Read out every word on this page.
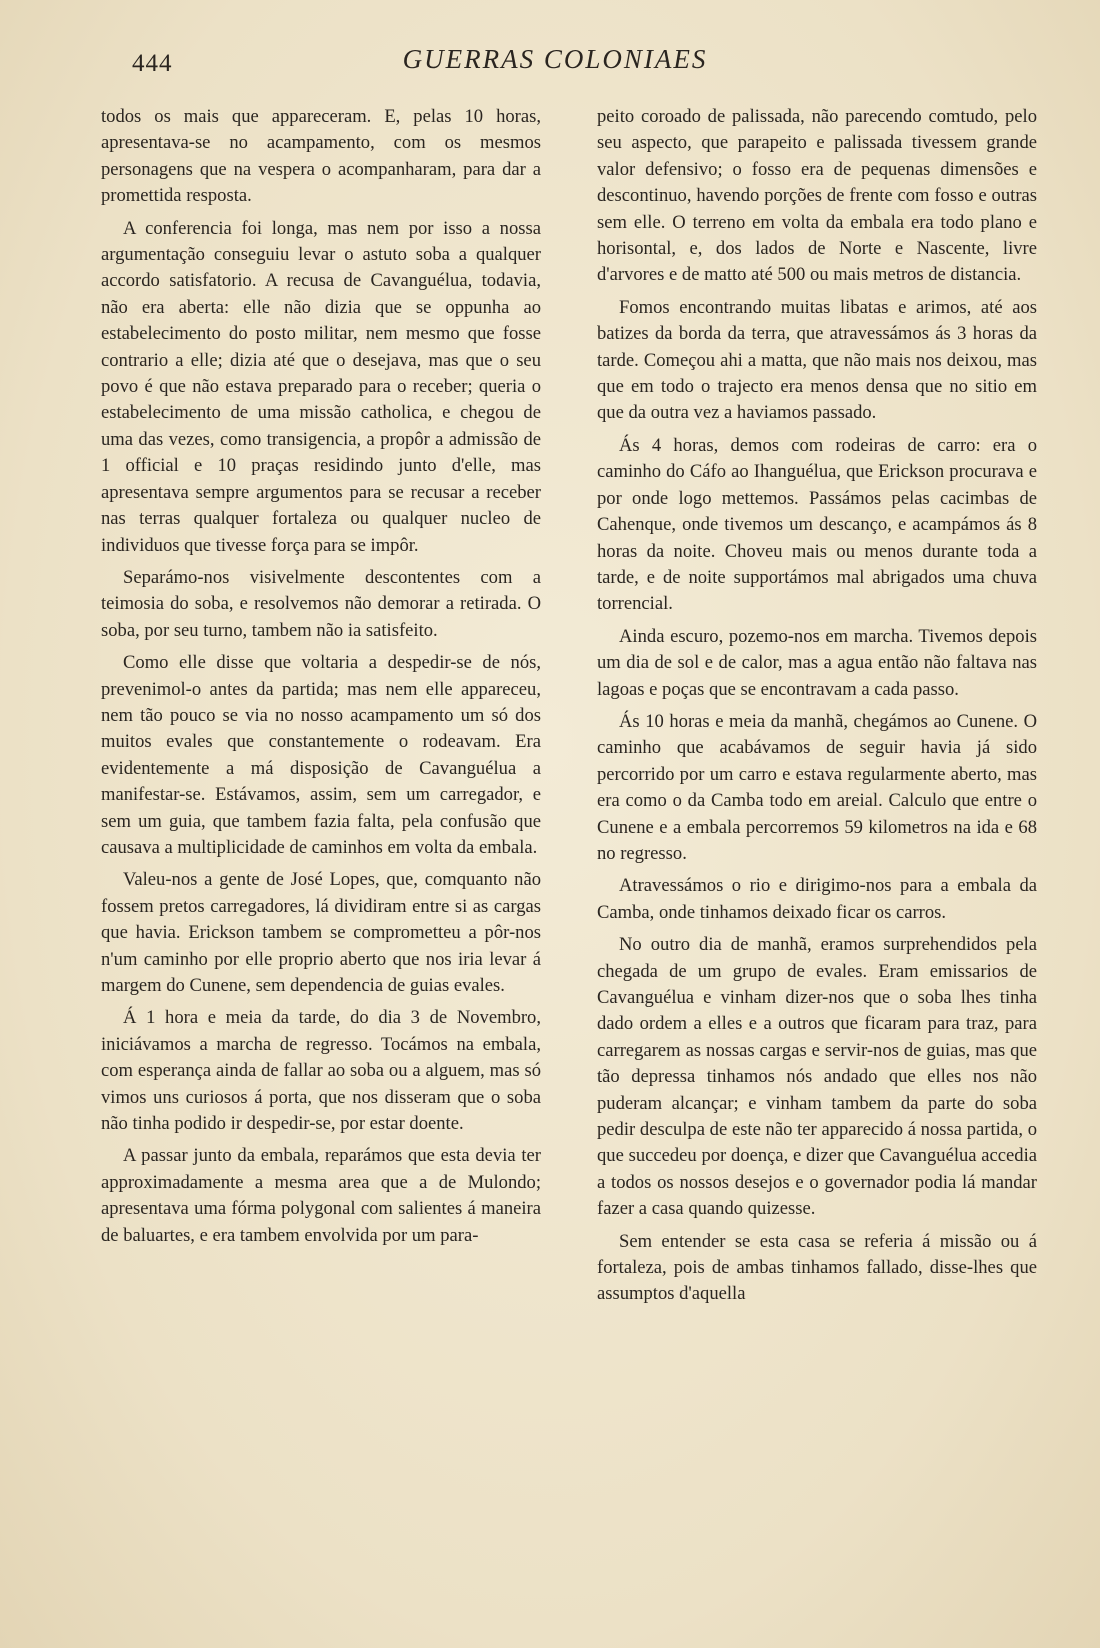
444	GUERRAS COLONIAES

todos os mais que appareceram. E, pelas 10 horas, apresentava-se no acampamento, com os mesmos personagens que na vespera o acompanharam, para dar a promettida resposta.

A conferencia foi longa, mas nem por isso a nossa argumentação conseguiu levar o astuto soba a qualquer accordo satisfatorio. A recusa de Cavanguélua, todavia, não era aberta: elle não dizia que se oppunha ao estabelecimento do posto militar, nem mesmo que fosse contrario a elle; dizia até que o desejava, mas que o seu povo é que não estava preparado para o receber; queria o estabelecimento de uma missão catholica, e chegou de uma das vezes, como transigencia, a propôr a admissão de 1 official e 10 praças residindo junto d'elle, mas apresentava sempre argumentos para se recusar a receber nas terras qualquer fortaleza ou qualquer nucleo de individuos que tivesse força para se impôr.

Separámo-nos visivelmente descontentes com a teimosia do soba, e resolvemos não demorar a retirada. O soba, por seu turno, tambem não ia satisfeito.

Como elle disse que voltaria a despedir-se de nós, prevenimol-o antes da partida; mas nem elle appareceu, nem tão pouco se via no nosso acampamento um só dos muitos evales que constantemente o rodeavam. Era evidentemente a má disposição de Cavanguélua a manifestar-se. Estávamos, assim, sem um carregador, e sem um guia, que tambem fazia falta, pela confusão que causava a multiplicidade de caminhos em volta da embala.

Valeu-nos a gente de José Lopes, que, comquanto não fossem pretos carregadores, lá dividiram entre si as cargas que havia. Erickson tambem se comprometteu a pôr-nos n'um caminho por elle proprio aberto que nos iria levar á margem do Cunene, sem dependencia de guias evales.

Á 1 hora e meia da tarde, do dia 3 de Novembro, iniciávamos a marcha de regresso. Tocámos na embala, com esperança ainda de fallar ao soba ou a alguem, mas só vimos uns curiosos á porta, que nos disseram que o soba não tinha podido ir despedir-se, por estar doente.

A passar junto da embala, reparámos que esta devia ter approximadamente a mesma area que a de Mulondo; apresentava uma fórma polygonal com salientes á maneira de baluartes, e era tambem envolvida por um para-

peito coroado de palissada, não parecendo comtudo, pelo seu aspecto, que parapeito e palissada tivessem grande valor defensivo; o fosso era de pequenas dimensões e descontinuo, havendo porções de frente com fosso e outras sem elle. O terreno em volta da embala era todo plano e horisontal, e, dos lados de Norte e Nascente, livre d'arvores e de matto até 500 ou mais metros de distancia.

Fomos encontrando muitas libatas e arimos, até aos batizes da borda da terra, que atravessámos ás 3 horas da tarde. Começou ahi a matta, que não mais nos deixou, mas que em todo o trajecto era menos densa que no sitio em que da outra vez a haviamos passado.

Ás 4 horas, demos com rodeiras de carro: era o caminho do Cáfo ao Ihanguélua, que Erickson procurava e por onde logo mettemos. Passámos pelas cacimbas de Cahenque, onde tivemos um descanço, e acampámos ás 8 horas da noite. Choveu mais ou menos durante toda a tarde, e de noite supportámos mal abrigados uma chuva torrencial.

Ainda escuro, pozemo-nos em marcha. Tivemos depois um dia de sol e de calor, mas a agua então não faltava nas lagoas e poças que se encontravam a cada passo.

Ás 10 horas e meia da manhã, chegámos ao Cunene. O caminho que acabávamos de seguir havia já sido percorrido por um carro e estava regularmente aberto, mas era como o da Camba todo em areial. Calculo que entre o Cunene e a embala percorremos 59 kilometros na ida e 68 no regresso.

Atravessámos o rio e dirigimo-nos para a embala da Camba, onde tinhamos deixado ficar os carros.

No outro dia de manhã, eramos surprehendidos pela chegada de um grupo de evales. Eram emissarios de Cavanguélua e vinham dizer-nos que o soba lhes tinha dado ordem a elles e a outros que ficaram para traz, para carregarem as nossas cargas e servir-nos de guias, mas que tão depressa tinhamos nós andado que elles nos não puderam alcançar; e vinham tambem da parte do soba pedir desculpa de este não ter apparecido á nossa partida, o que succedeu por doença, e dizer que Cavanguélua accedia a todos os nossos desejos e o governador podia lá mandar fazer a casa quando quizesse.

Sem entender se esta casa se referia á missão ou á fortaleza, pois de ambas tinhamos fallado, disse-lhes que assumptos d'aquella
